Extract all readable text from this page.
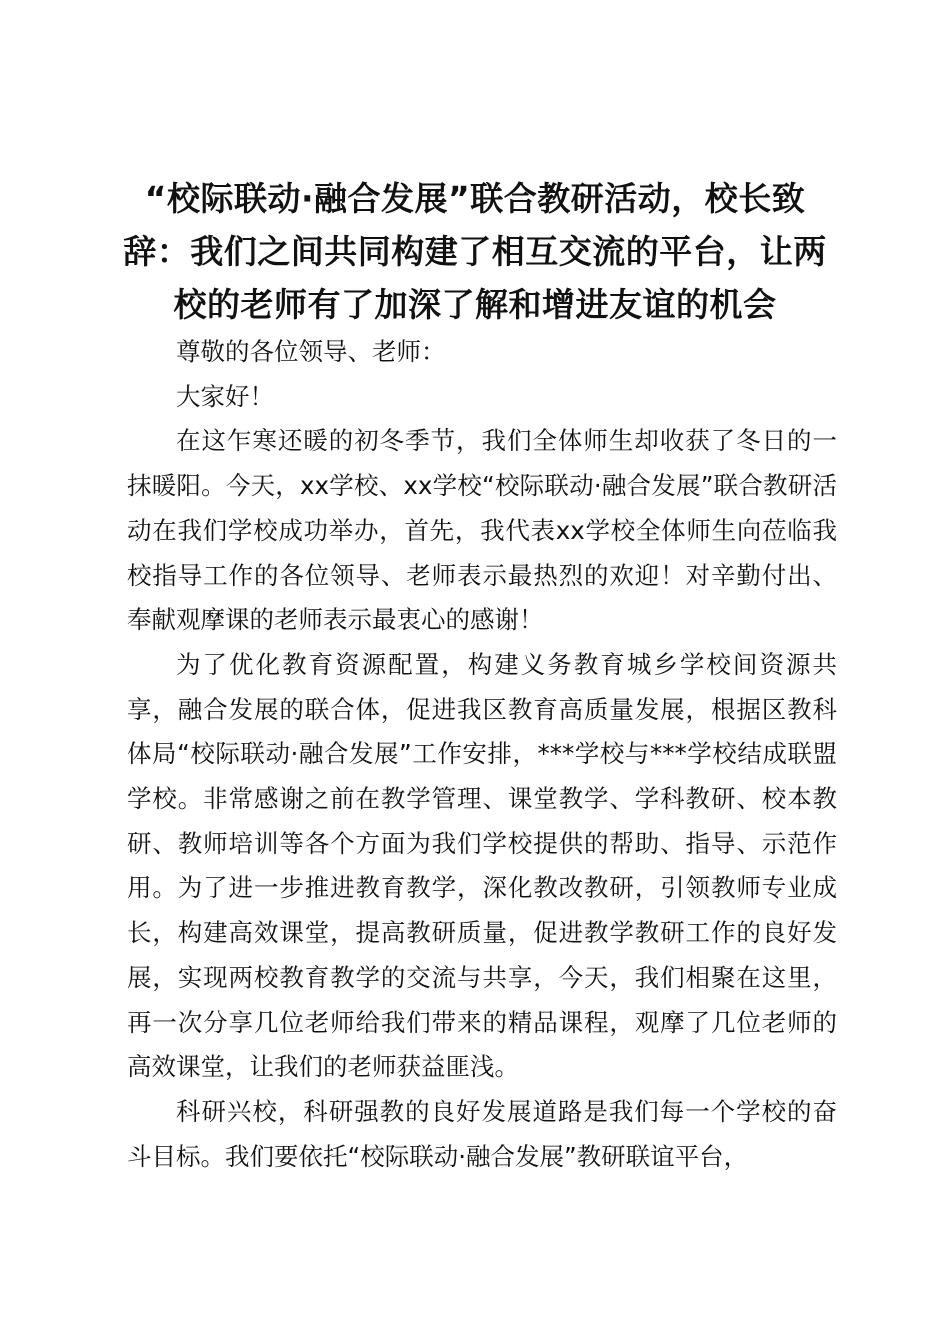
“校际联动·融合发展”联合教研活动，校长致辞：我们之间共同构建了相互交流的平台，让两校的老师有了加深了解和增进友谊的机会

尊敬的各位领导、老师：

大家好！

在这乍寒还暖的初冬季节，我们全体师生却收获了冬日的一抹暖阳。今天，xx学校、xx学校“校际联动·融合发展”联合教研活动在我们学校成功举办，首先，我代表xx学校全体师生向莅临我校指导工作的各位领导、老师表示最热烈的欢迎！对辛勤付出、奉献观摩课的老师表示最衷心的感谢！

为了优化教育资源配置，构建义务教育城乡学校间资源共享，融合发展的联合体，促进我区教育高质量发展，根据区教科体局“校际联动·融合发展”工作安排，***学校与***学校结成联盟学校。非常感谢之前在教学管理、课堂教学、学科教研、校本教研、教师培训等各个方面为我们学校提供的帮助、指导、示范作用。为了进一步推进教育教学，深化教改教研，引领教师专业成长，构建高效课堂，提高教研质量，促进教学教研工作的良好发展，实现两校教育教学的交流与共享，今天，我们相聚在这里，再一次分享几位老师给我们带来的精品课程，观摩了几位老师的高效课堂，让我们的老师获益匪浅。

科研兴校，科研强教的良好发展道路是我们每一个学校的奋斗目标。我们要依托“校际联动·融合发展”教研联谊平台，
